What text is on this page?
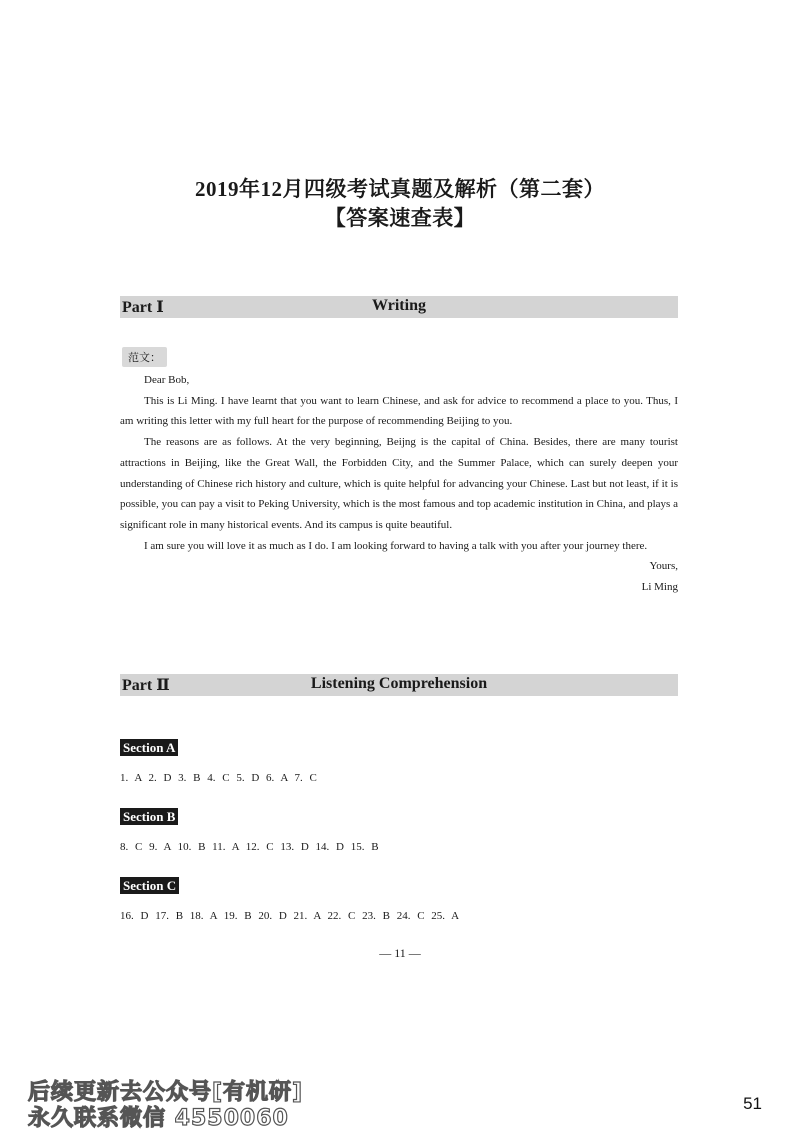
2019年12月四级考试真题及解析（第二套）
【答案速查表】
Part Ⅰ	Writing
范文：

Dear Bob,

This is Li Ming. I have learnt that you want to learn Chinese, and ask for advice to recommend a place to you. Thus, I am writing this letter with my full heart for the purpose of recommending Beijing to you.

The reasons are as follows. At the very beginning, Beijng is the capital of China. Besides, there are many tourist attractions in Beijing, like the Great Wall, the Forbidden City, and the Summer Palace, which can surely deepen your understanding of Chinese rich history and culture, which is quite helpful for advancing your Chinese. Last but not least, if it is possible, you can pay a visit to Peking University, which is the most famous and top academic institution in China, and plays a significant role in many historical events. And its campus is quite beautiful.

I am sure you will love it as much as I do. I am looking forward to having a talk with you after your journey there.

Yours,

Li Ming

Part Ⅱ	Listening Comprehension
Section A
1. A 2. D 3. B 4. C 5. D 6. A 7. C
Section B
8. C 9. A 10. B 11. A 12. C 13. D 14. D 15. B
Section C
16. D 17. B 18. A 19. B 20. D 21. A 22. C 23. B 24. C 25. A
— 11 —
后续更新去公众号[有机研]
永久联系微信 4550060
51
